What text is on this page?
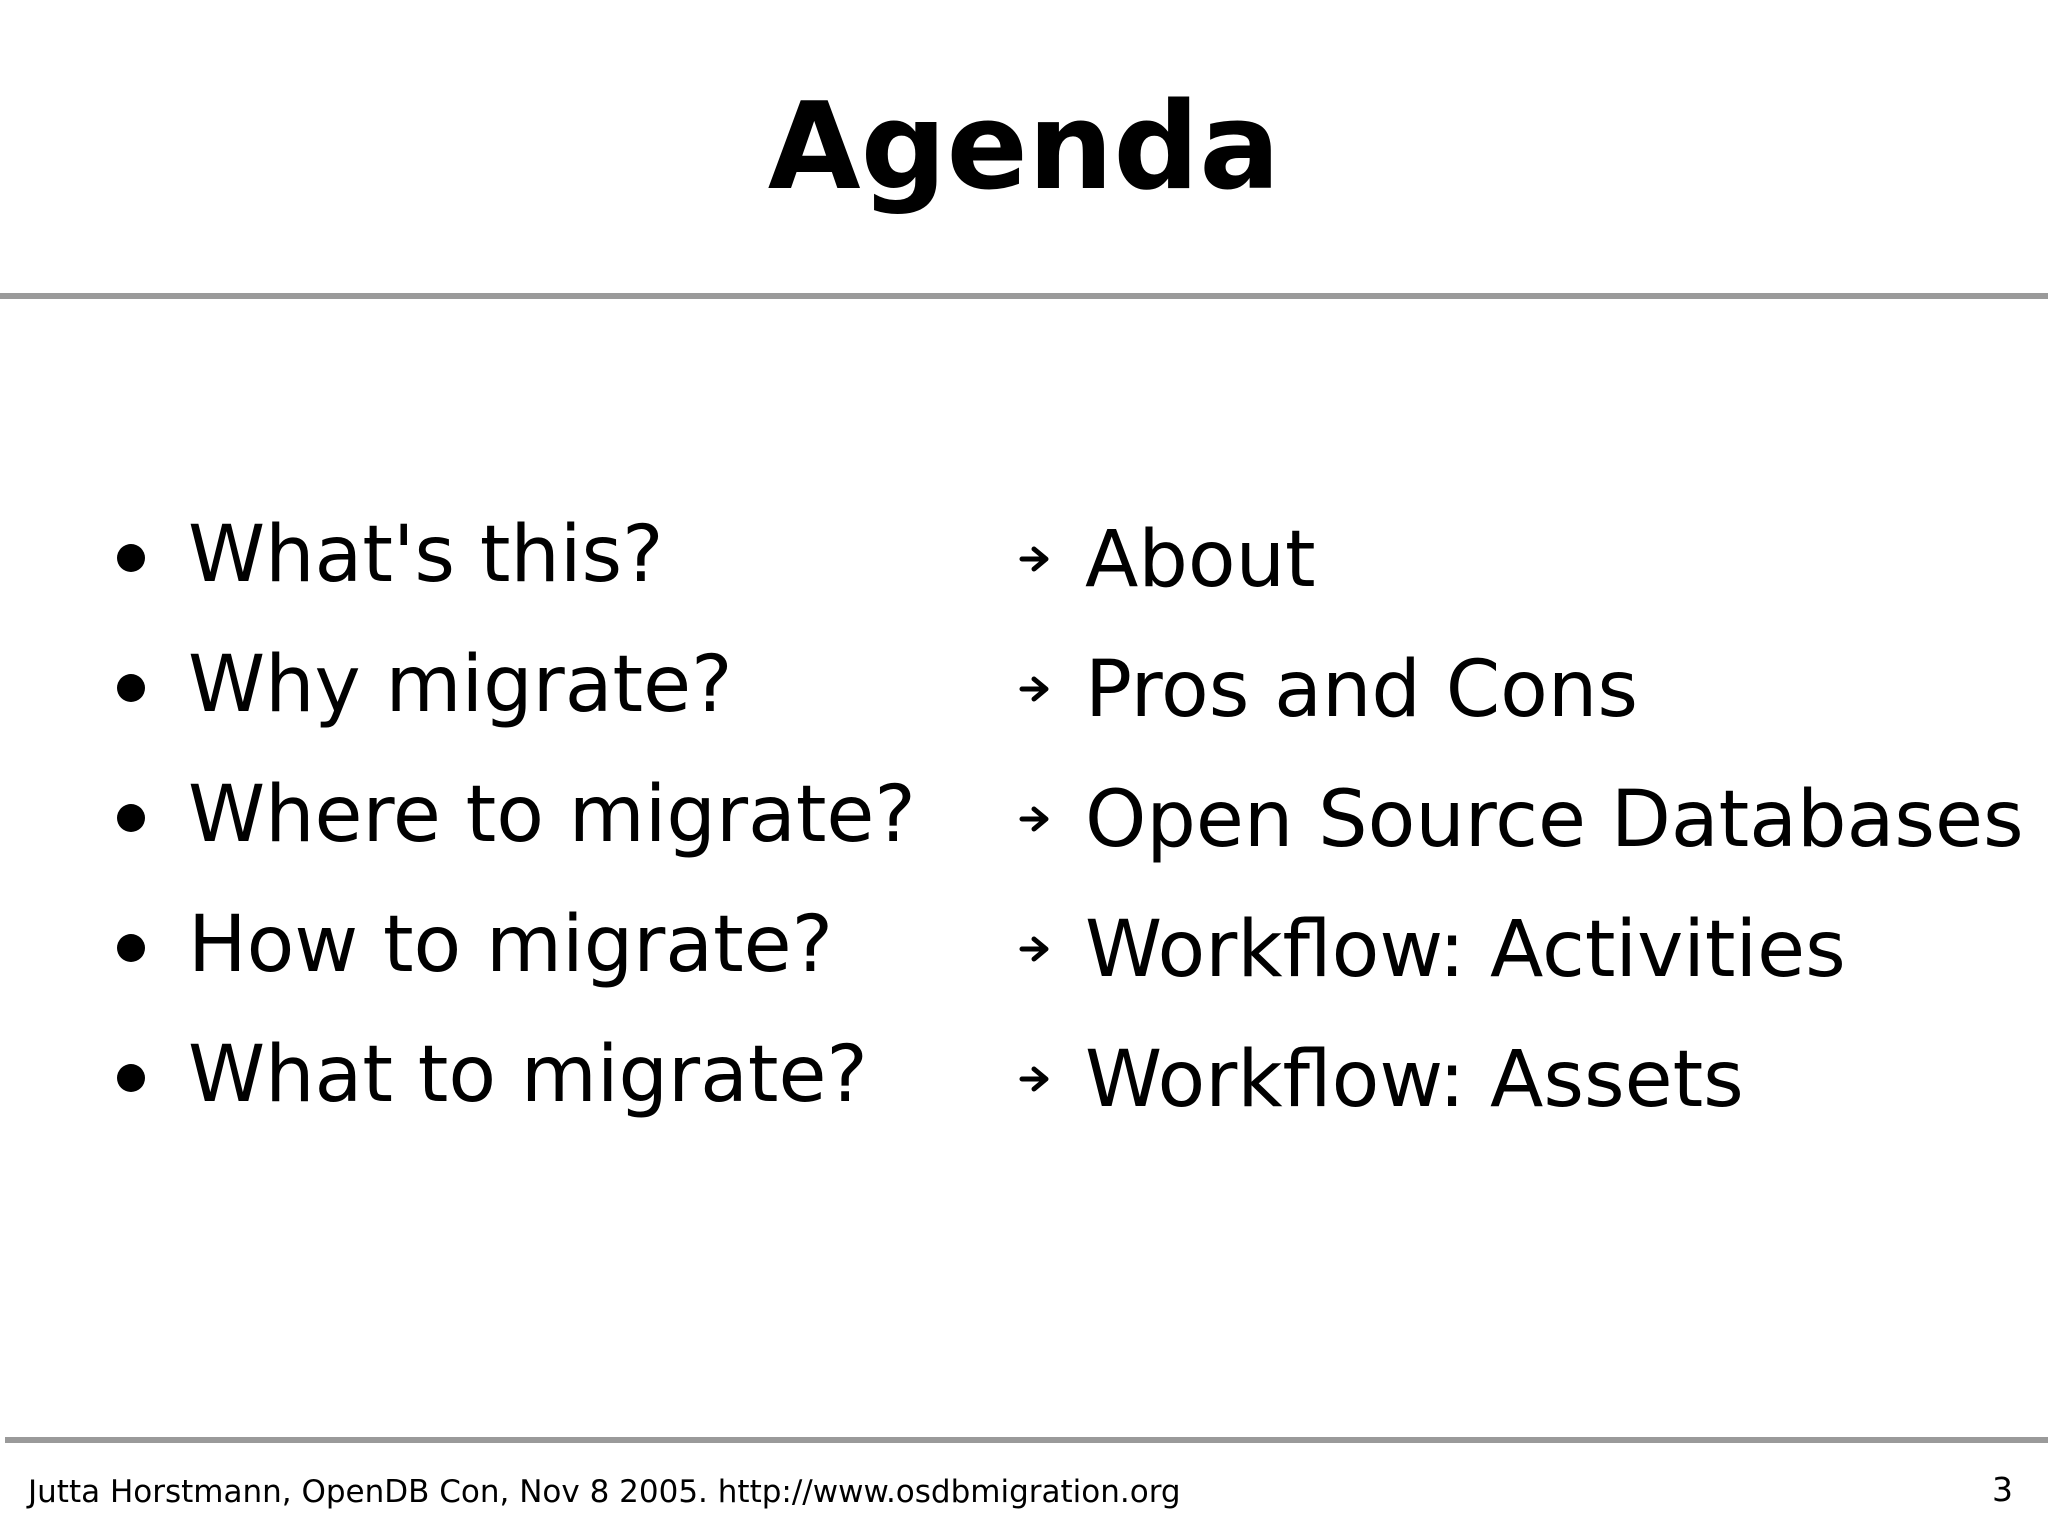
Agenda
What's this?
Why migrate?
Where to migrate?
How to migrate?
What to migrate?
About
Pros and Cons
Open Source Databases
Workflow: Activities
Workflow: Assets
Jutta Horstmann, OpenDB Con, Nov 8 2005. http://www.osdbmigration.org	3
